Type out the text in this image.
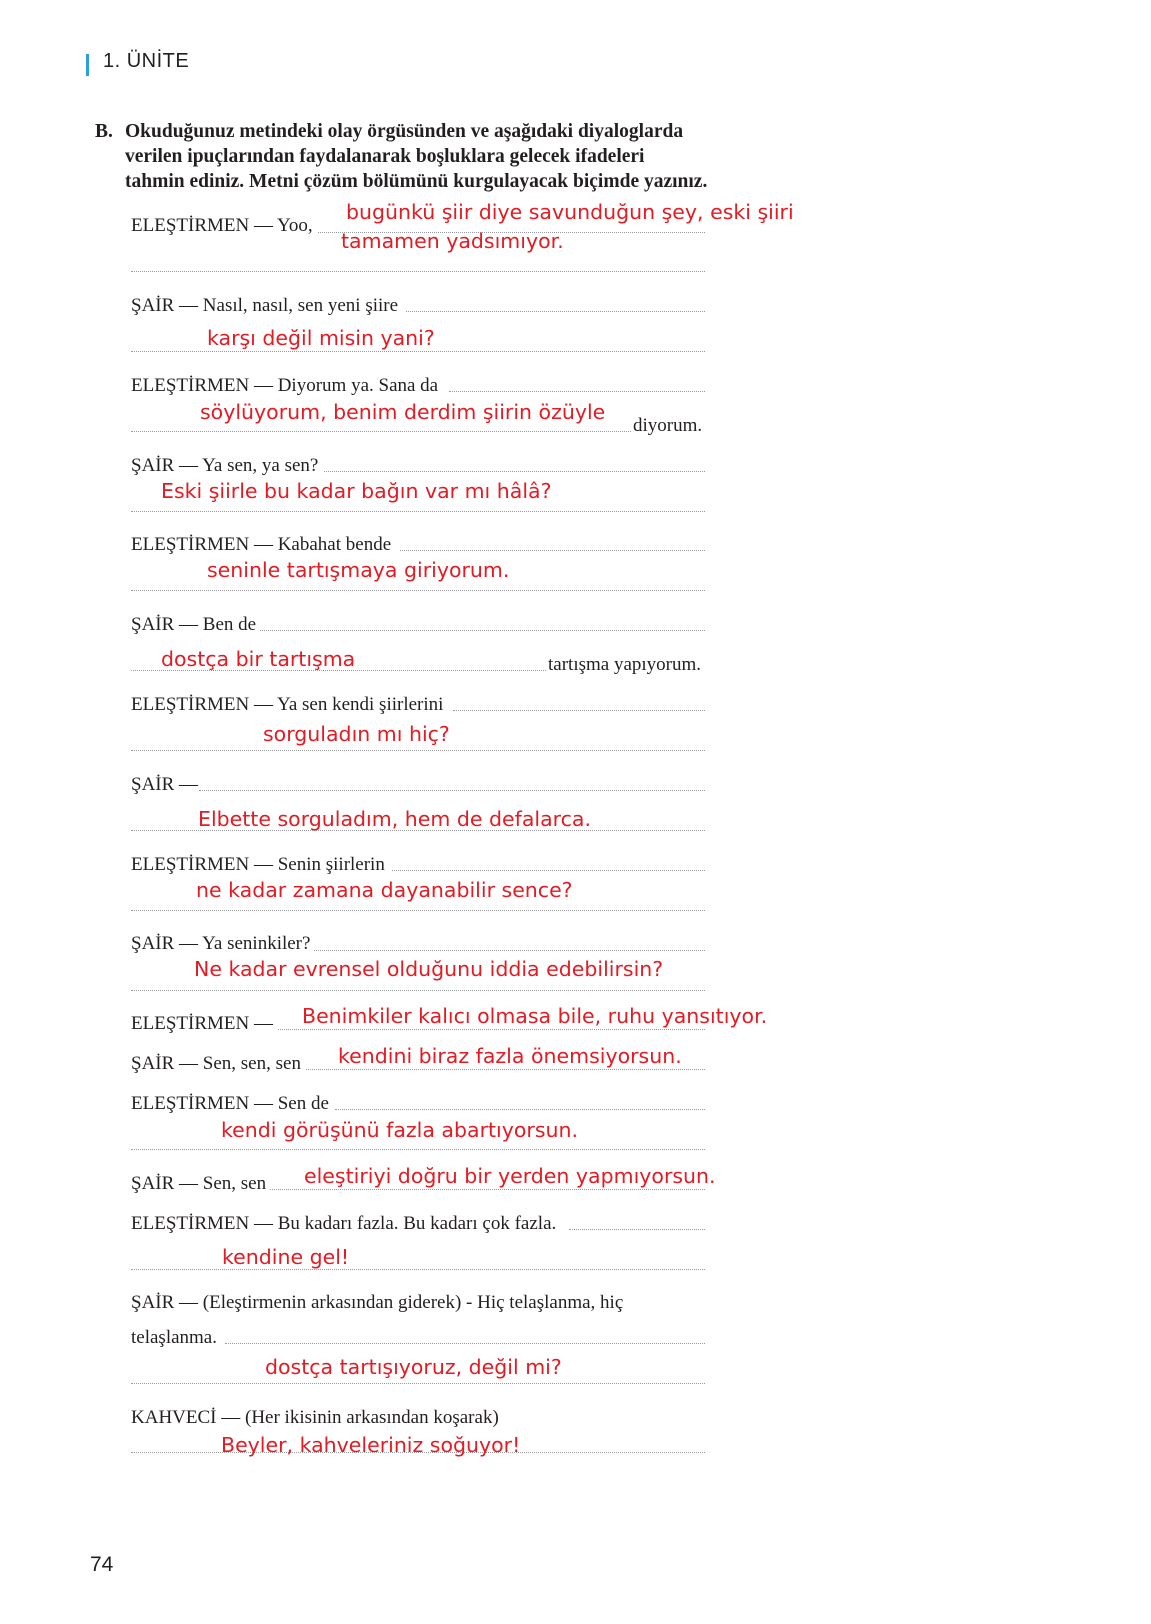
1. ÜNİTE
B. Okuduğunuz metindeki olay örgüsünden ve aşağıdaki diyaloglarda
verilen ipuçlarından faydalanarak boşluklara gelecek ifadeleri
tahmin ediniz. Metni çözüm bölümünü kurgulayacak biçimde yazınız.
ELEŞTİRMEN — Yoo,
bugünkü şiir diye savunduğun şey, eski şiiri
tamamen yadsımıyor.
ŞAİR — Nasıl, nasıl, sen yeni şiire
karşı değil misin yani?
ELEŞTİRMEN — Diyorum ya. Sana da
söylüyorum, benim derdim şiirin özüyle
diyorum.
ŞAİR — Ya sen, ya sen?
Eski şiirle bu kadar bağın var mı hâlâ?
ELEŞTİRMEN — Kabahat bende
seninle tartışmaya giriyorum.
ŞAİR — Ben de
dostça bir tartışma	tartışma yapıyorum.
ELEŞTİRMEN — Ya sen kendi şiirlerini
sorguladın mı hiç?
ŞAİR —
Elbette sorguladım, hem de defalarca.
ELEŞTİRMEN — Senin şiirlerin
ne kadar zamana dayanabilir sence?
ŞAİR — Ya seninkiler?
Ne kadar evrensel olduğunu iddia edebilirsin?
ELEŞTİRMEN — Benimkiler kalıcı olmasa bile, ruhu yansıtıyor.
ŞAİR — Sen, sen, sen kendini biraz fazla önemsiyorsun.
ELEŞTİRMEN — Sen de
kendi görüşünü fazla abartıyorsun.
ŞAİR — Sen, sen eleştiriyi doğru bir yerden yapmıyorsun.
ELEŞTİRMEN — Bu kadarı fazla. Bu kadarı çok fazla.
kendine gel!
ŞAİR — (Eleştirmenin arkasından giderek) - Hiç telaşlanma, hiç
telaşlanma.
dostça tartışıyoruz, değil mi?
KAHVECİ — (Her ikisinin arkasından koşarak)
Beyler, kahveleriniz soğuyor!
74
